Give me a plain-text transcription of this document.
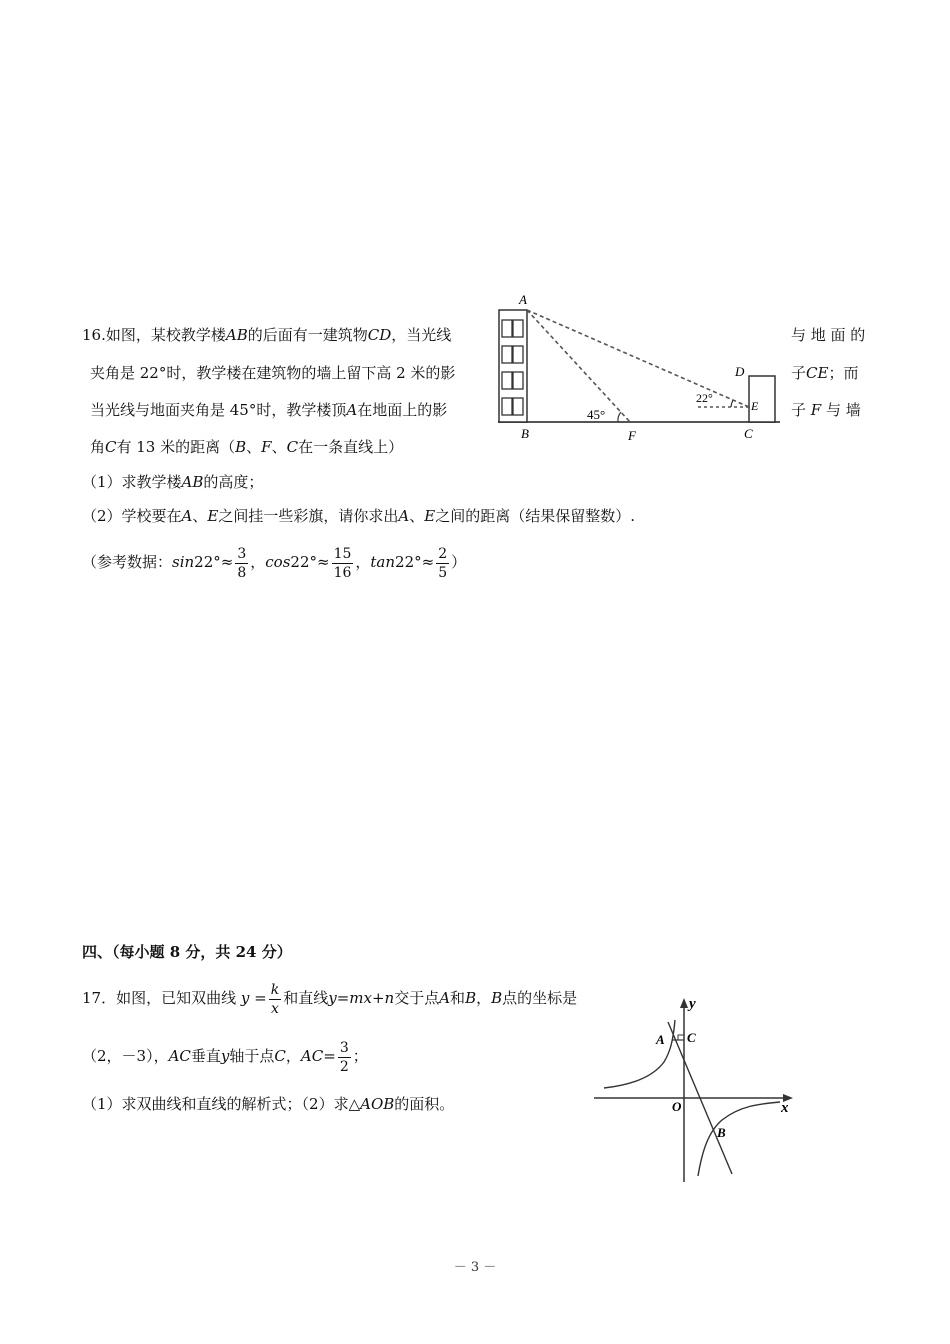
16.如图，某校教学楼AB的后面有一建筑物CD，当光线	与 地 面 的
夹角是 22°时，教学楼在建筑物的墙上留下高 2 米的影	子CE；而
当光线与地面夹角是 45°时，教学楼顶A在地面上的影	子 F 与 墙
角C有 13 米的距离（B、F、C在一条直线上）
（1）求教学楼AB的高度；
（2）学校要在A、E之间挂一些彩旗，请你求出A、E之间的距离（结果保留整数）.
（参考数据：$\sin 22^\circ\approx \frac{3}{8}$ ，$\cos 22^\circ\approx \frac{15}{16}$ ，$\tan 22^\circ\approx \frac{2}{5}$ ）
A
B	F	C
D
E
45°
22°
四、（每小题 8 分，共 24 分）
17．如图，已知双曲线 $y = \frac{k}{x}$ 和直线y=mx+n交于点A和B，B点的坐标是
（2，－3），AC垂直y轴于点C，$AC= \frac{3}{2}$ ；
（1）求双曲线和直线的解析式；（2）求△AOB的面积。
y
x
O
A C
B
－ 3 －
